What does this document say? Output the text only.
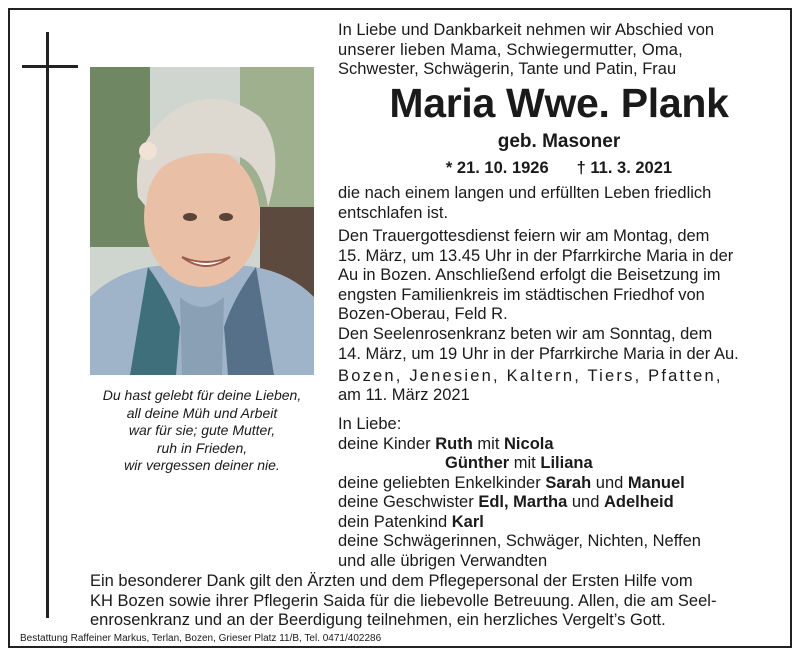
Du hast gelebt für deine Lieben,
all deine Müh und Arbeit
war für sie; gute Mutter,
ruh in Frieden,
wir vergessen deiner nie.
In Liebe und Dankbarkeit nehmen wir Abschied von
unserer lieben Mama, Schwiegermutter, Oma,
Schwester, Schwägerin, Tante und Patin, Frau
Maria Wwe. Plank
geb. Masoner
* 21. 10. 1926 † 11. 3. 2021
die nach einem langen und erfüllten Leben friedlich
entschlafen ist.
Den Trauergottesdienst feiern wir am Montag, dem
15. März, um 13.45 Uhr in der Pfarrkirche Maria in der
Au in Bozen. Anschließend erfolgt die Beisetzung im
engsten Familienkreis im städtischen Friedhof von
Bozen-Oberau, Feld R.
Den Seelenrosenkranz beten wir am Sonntag, dem
14. März, um 19 Uhr in der Pfarrkirche Maria in der Au.
Bozen, Jenesien, Kaltern, Tiers, Pfatten,
am 11. März 2021
In Liebe:
deine Kinder Ruth mit Nicola
Günther mit Liliana
deine geliebten Enkelkinder Sarah und Manuel
deine Geschwister Edl, Martha und Adelheid
dein Patenkind Karl
deine Schwägerinnen, Schwäger, Nichten, Neffen
und alle übrigen Verwandten
Ein besonderer Dank gilt den Ärzten und dem Pflegepersonal der Ersten Hilfe vom
KH Bozen sowie ihrer Pflegerin Saida für die liebevolle Betreuung. Allen, die am Seel-
enrosenkranz und an der Beerdigung teilnehmen, ein herzliches Vergelt’s Gott.
Bestattung Raffeiner Markus, Terlan, Bozen, Grieser Platz 11/B, Tel. 0471/402286
